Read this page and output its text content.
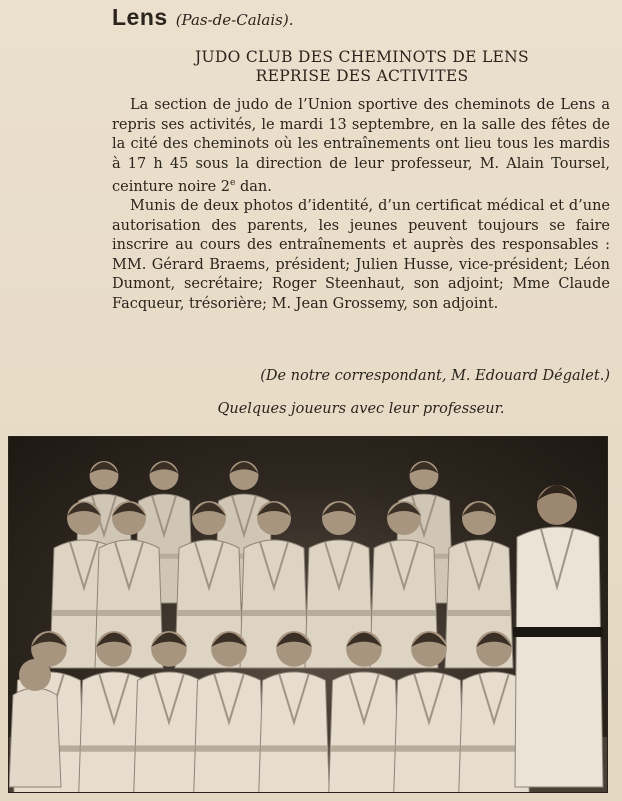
Lens (Pas-de-Calais).
JUDO CLUB DES CHEMINOTS DE LENS
REPRISE DES ACTIVITES

La section de judo de l’Union sportive des cheminots de Lens a repris ses activités, le mardi 13 septembre, en la salle des fêtes de la cité des cheminots où les entraînements ont lieu tous les mardis à 17 h 45 sous la direction de leur professeur, M. Alain Toursel, ceinture noire 2e dan.

Munis de deux photos d’identité, d’un certificat médical et d’une autorisation des parents, les jeunes peuvent toujours se faire inscrire au cours des entraînements et auprès des responsables : MM. Gérard Braems, président; Julien Husse, vice-président; Léon Dumont, secrétaire; Roger Steenhaut, son adjoint; Mme Claude Facqueur, trésorière; M. Jean Grossemy, son adjoint.

(De notre correspondant, M. Edouard Dégalet.)
Quelques joueurs avec leur professeur.
